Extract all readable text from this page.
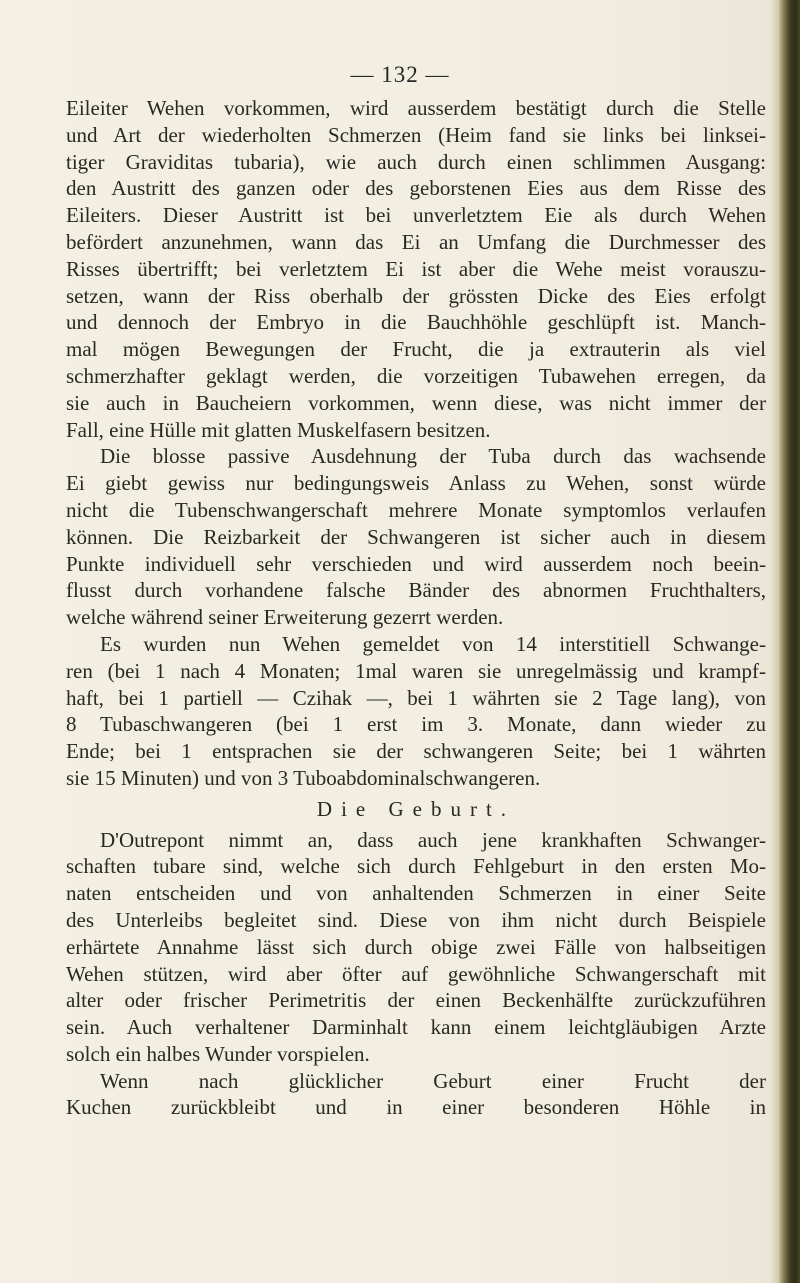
— 132 —
Eileiter Wehen vorkommen, wird ausserdem bestätigt durch die Stelle
und Art der wiederholten Schmerzen (Heim fand sie links bei linksei-
tiger Graviditas tubaria), wie auch durch einen schlimmen Ausgang:
den Austritt des ganzen oder des geborstenen Eies aus dem Risse des
Eileiters. Dieser Austritt ist bei unverletztem Eie als durch Wehen
befördert anzunehmen, wann das Ei an Umfang die Durchmesser des
Risses übertrifft; bei verletztem Ei ist aber die Wehe meist vorauszu-
setzen, wann der Riss oberhalb der grössten Dicke des Eies erfolgt
und dennoch der Embryo in die Bauchhöhle geschlüpft ist. Manch-
mal mögen Bewegungen der Frucht, die ja extrauterin als viel
schmerzhafter geklagt werden, die vorzeitigen Tubawehen erregen, da
sie auch in Baucheiern vorkommen, wenn diese, was nicht immer der
Fall, eine Hülle mit glatten Muskelfasern besitzen.
Die blosse passive Ausdehnung der Tuba durch das wachsende
Ei giebt gewiss nur bedingungsweis Anlass zu Wehen, sonst würde
nicht die Tubenschwangerschaft mehrere Monate symptomlos verlaufen
können. Die Reizbarkeit der Schwangeren ist sicher auch in diesem
Punkte individuell sehr verschieden und wird ausserdem noch beein-
flusst durch vorhandene falsche Bänder des abnormen Fruchthalters,
welche während seiner Erweiterung gezerrt werden.
Es wurden nun Wehen gemeldet von 14 interstitiell Schwange-
ren (bei 1 nach 4 Monaten; 1mal waren sie unregelmässig und krampf-
haft, bei 1 partiell — Czihak —, bei 1 währten sie 2 Tage lang), von
8 Tubaschwangeren (bei 1 erst im 3. Monate, dann wieder zu
Ende; bei 1 entsprachen sie der schwangeren Seite; bei 1 währten
sie 15 Minuten) und von 3 Tuboabdominalschwangeren.
Die Geburt.
D'Outrepont nimmt an, dass auch jene krankhaften Schwanger-
schaften tubare sind, welche sich durch Fehlgeburt in den ersten Mo-
naten entscheiden und von anhaltenden Schmerzen in einer Seite
des Unterleibs begleitet sind. Diese von ihm nicht durch Beispiele
erhärtete Annahme lässt sich durch obige zwei Fälle von halbseitigen
Wehen stützen, wird aber öfter auf gewöhnliche Schwangerschaft mit
alter oder frischer Perimetritis der einen Beckenhälfte zurückzuführen
sein. Auch verhaltener Darminhalt kann einem leichtgläubigen Arzte
solch ein halbes Wunder vorspielen.
Wenn nach glücklicher Geburt einer Frucht der
Kuchen zurückbleibt und in einer besonderen Höhle in
